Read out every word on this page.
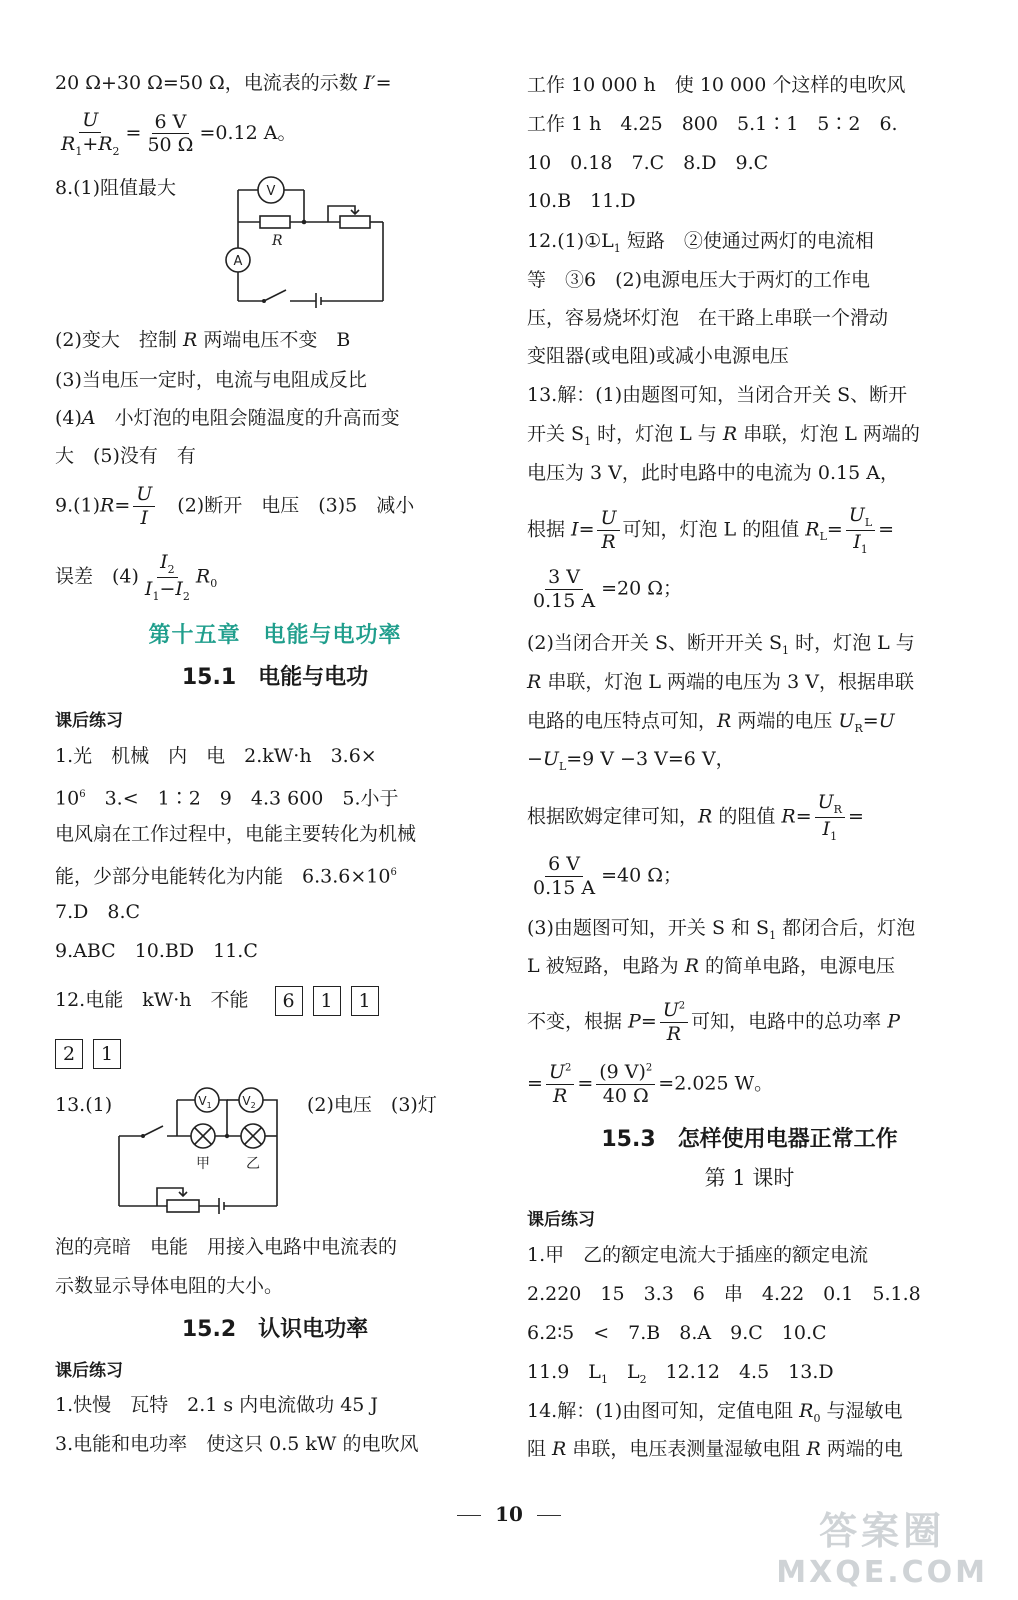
20 Ω+30 Ω=50 Ω，电流表的示数 I′=
$\frac{U}{R_1+R_2} = \frac{6 V}{50 \Omega} =0.12$ A。
8.(1)阻值最大	V
A
R
(2)变大　控制 R 两端电压不变　B
(3)当电压一定时，电流与电阻成反比
(4)A　小灯泡的电阻会随温度的升高而变
大　(5)没有　有
$9.(1)R= \frac{U}{I}$ 　(2)断开　电压　(3)5　减小
误差　$(4) \frac{I_2}{I_1-I_2} R_0$
第十五章　电能与电功率
15.1　电能与电功
课后练习
1.光　机械　内　电　2.kW·h　3.6×
$10^6$　3.<　1∶2　9　4.3 600　5.小于
电风扇在工作过程中，电能主要转化为机械
能，少部分电能转化为内能　$6.3.6\times 10^6$
7.D　8.C
9.ABC　10.BD　11.C
12.电能　kW·h　不能 6 1 1
2 1
13.(1)	(2)电压　(3)灯
$V_1$	$V_2$
甲	乙
泡的亮暗　电能　用接入电路中电流表的
示数显示导体电阻的大小。
15.2　认识电功率
课后练习
1.快慢　瓦特　2.1 s 内电流做功 45 J
3.电能和电功率　使这只 0.5 kW 的电吹风
工作 10 000 h　使 10 000 个这样的电吹风
工作 1 h　4.25　800　5.1∶1　5∶2　6.
10　0.18　7.C　8.D　9.C
10.B　11.D
$12.(1)①L_1$ 短路　②使通过两灯的电流相
等　③6　(2)电源电压大于两灯的工作电
压，容易烧坏灯泡　在干路上串联一个滑动
变阻器(或电阻)或减小电源电压
13.解：(1)由题图可知，当闭合开关 S、断开
开关 $S_1$ 时，灯泡 L 与 R 串联，灯泡 L 两端的
电压为 3 V，此时电路中的电流为 0.15 A，
根据 $I= \frac{U}{R}$ 可知，灯泡 L 的阻值 $R_L= \frac{U_L}{I_1}$ =
$\frac{3 V}{0.15 A} =20$ Ω；
(2)当闭合开关 S、断开开关 $S_1$ 时，灯泡 L 与
R 串联，灯泡 L 两端的电压为 3 V，根据串联
电路的电压特点可知，R 两端的电压 $U_R=U$
$-U_L=9$ V −3 V=6 V，
根据欧姆定律可知，R 的阻值 $R= \frac{U_R}{I_1}$ =
$\frac{6 V}{0.15 A} =40$ Ω；
(3)由题图可知，开关 S 和 $S_1$ 都闭合后，灯泡
L 被短路，电路为 R 的简单电路，电源电压
不变，根据 $P= \frac{U^2}{R}$ 可知，电路中的总功率 P
= $\frac{U^2}{R} = \frac{(9 V)^2}{40 \Omega} =2.025$ W。
15.3　怎样使用电器正常工作
第 1 课时
课后练习
1.甲　乙的额定电流大于插座的额定电流
2.220　15　3.3　6　串　4.22　0.1　5.1.8
6.2∶5　<　7.B　8.A　9.C　10.C
11.9　$L_1$　$L_2$　12.12　4.5　13.D
14.解：(1)由图可知，定值电阻 $R_0$ 与湿敏电
阻 R 串联，电压表测量湿敏电阻 R 两端的电
10	答案圈
MXQE.COM
